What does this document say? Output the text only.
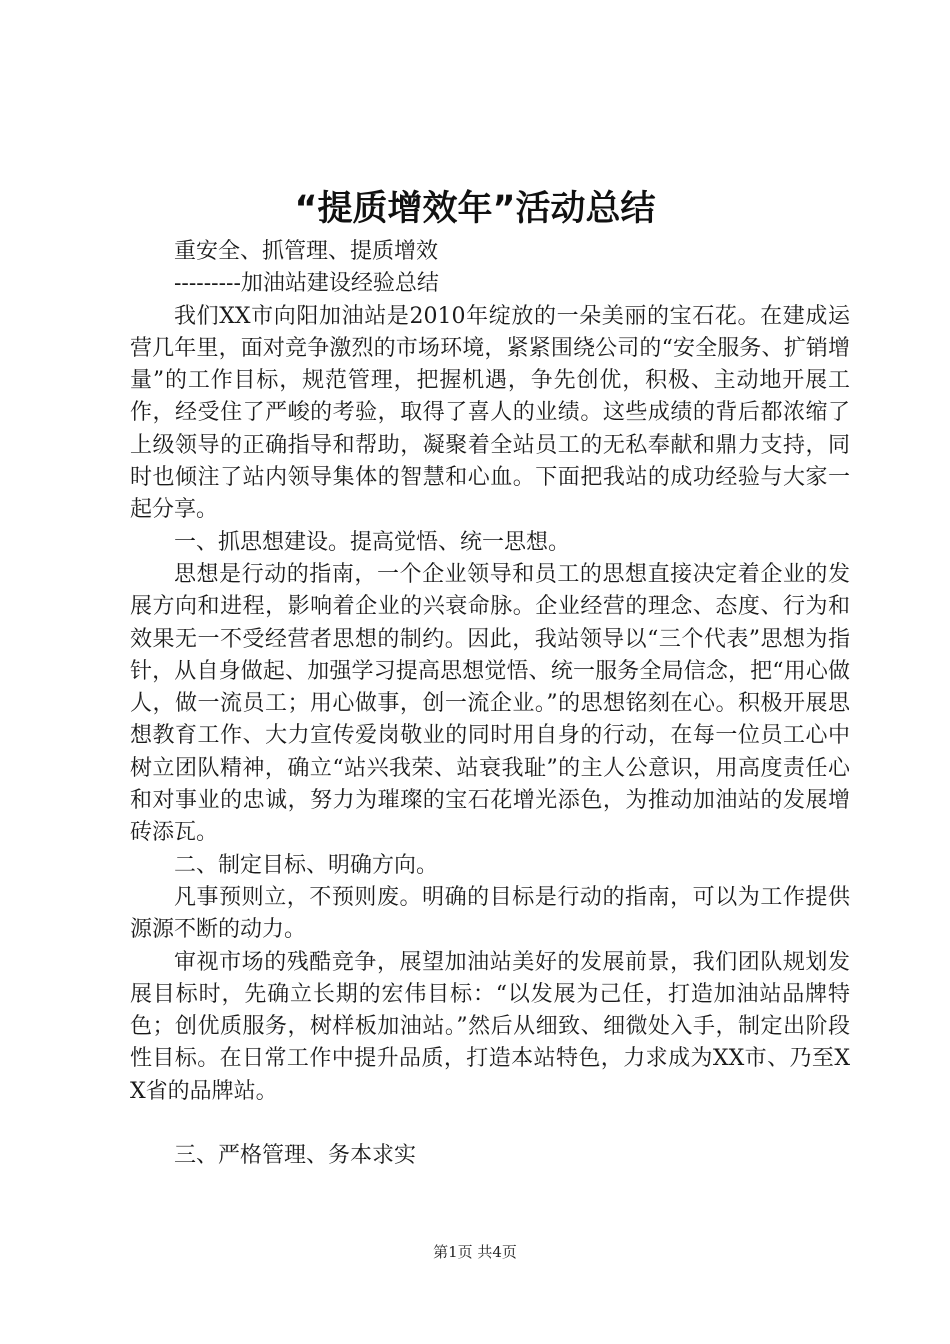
“提质增效年”活动总结

重安全、抓管理、提质增效

---------加油站建设经验总结

我们XX市向阳加油站是2010年绽放的一朵美丽的宝石花。在建成运营几年里，面对竞争激烈的市场环境，紧紧围绕公司的“安全服务、扩销增量”的工作目标，规范管理，把握机遇，争先创优，积极、主动地开展工作，经受住了严峻的考验，取得了喜人的业绩。这些成绩的背后都浓缩了上级领导的正确指导和帮助，凝聚着全站员工的无私奉献和鼎力支持，同时也倾注了站内领导集体的智慧和心血。下面把我站的成功经验与大家一起分享。

一、抓思想建设。提高觉悟、统一思想。

思想是行动的指南，一个企业领导和员工的思想直接决定着企业的发展方向和进程，影响着企业的兴衰命脉。企业经营的理念、态度、行为和效果无一不受经营者思想的制约。因此，我站领导以“三个代表”思想为指针，从自身做起、加强学习提高思想觉悟、统一服务全局信念，把“用心做人，做一流员工；用心做事，创一流企业。”的思想铭刻在心。积极开展思想教育工作、大力宣传爱岗敬业的同时用自身的行动，在每一位员工心中树立团队精神，确立“站兴我荣、站衰我耻”的主人公意识，用高度责任心和对事业的忠诚，努力为璀璨的宝石花增光添色，为推动加油站的发展增砖添瓦。

二、制定目标、明确方向。

凡事预则立，不预则废。明确的目标是行动的指南，可以为工作提供源源不断的动力。

审视市场的残酷竞争，展望加油站美好的发展前景，我们团队规划发展目标时，先确立长期的宏伟目标：“以发展为己任，打造加油站品牌特色；创优质服务，树样板加油站。”然后从细致、细微处入手，制定出阶段性目标。在日常工作中提升品质，打造本站特色，力求成为XX市、乃至XX省的品牌站。

三、严格管理、务本求实

第1页 共4页
